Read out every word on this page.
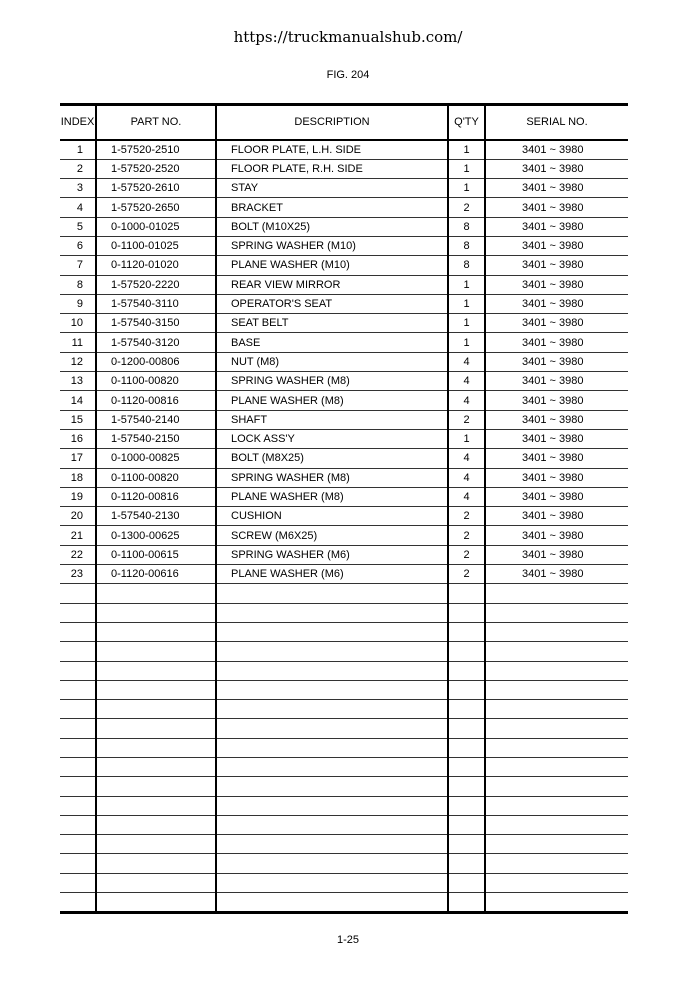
https://truckmanualshub.com/
FIG. 204
INDEX	PART NO.	DESCRIPTION	Q'TY	SERIAL NO.
1	1-57520-2510	FLOOR PLATE, L.H. SIDE	1	3401 ~ 3980
2	1-57520-2520	FLOOR PLATE, R.H. SIDE	1	3401 ~ 3980
3	1-57520-2610	STAY	1	3401 ~ 3980
4	1-57520-2650	BRACKET	2	3401 ~ 3980
5	0-1000-01025	BOLT (M10X25)	8	3401 ~ 3980
6	0-1100-01025	SPRING WASHER (M10)	8	3401 ~ 3980
7	0-1120-01020	PLANE WASHER (M10)	8	3401 ~ 3980
8	1-57520-2220	REAR VIEW MIRROR	1	3401 ~ 3980
9	1-57540-3110	OPERATOR'S SEAT	1	3401 ~ 3980
10	1-57540-3150	SEAT BELT	1	3401 ~ 3980
11	1-57540-3120	BASE	1	3401 ~ 3980
12	0-1200-00806	NUT (M8)	4	3401 ~ 3980
13	0-1100-00820	SPRING WASHER (M8)	4	3401 ~ 3980
14	0-1120-00816	PLANE WASHER (M8)	4	3401 ~ 3980
15	1-57540-2140	SHAFT	2	3401 ~ 3980
16	1-57540-2150	LOCK ASS'Y	1	3401 ~ 3980
17	0-1000-00825	BOLT (M8X25)	4	3401 ~ 3980
18	0-1100-00820	SPRING WASHER (M8)	4	3401 ~ 3980
19	0-1120-00816	PLANE WASHER (M8)	4	3401 ~ 3980
20	1-57540-2130	CUSHION	2	3401 ~ 3980
21	0-1300-00625	SCREW (M6X25)	2	3401 ~ 3980
22	0-1100-00615	SPRING WASHER (M6)	2	3401 ~ 3980
23	0-1120-00616	PLANE WASHER (M6)	2	3401 ~ 3980

1-25
